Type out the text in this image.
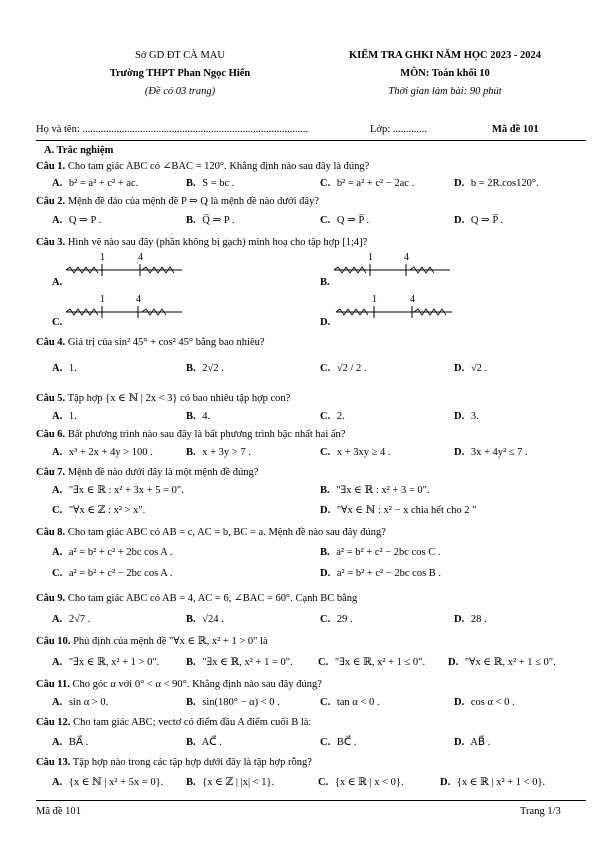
Sở GD ĐT CÀ MAU
Trường THPT Phan Ngọc Hiển
(Đề có 03 trang)
KIỂM TRA GHKI NĂM HỌC 2023 - 2024
MÔN: Toán khối 10
Thời gian làm bài: 90 phút
Họ và tên: ......................................................................................	Lớp: .............	Mã đề 101
A. Trắc nghiệm
Câu 1. Cho tam giác ABC có ∠BAC = 120°. Khẳng định nào sau đây là đúng?
A. b² = a² + c² + ac.	B. S = bc .	C. b² = a² + c² − 2ac .	D. b = 2R.cos120°.
Câu 2. Mệnh đề đảo của mệnh đề P ⇒ Q là mệnh đề nào dưới đây?
A. Q ⇒ P .	B. Q̅ ⇒ P .	C. Q ⇒ P̅ .	D. Q ⇒ P̅ .
Câu 3. Hình vẽ nào sau đây (phần không bị gạch) minh hoạ cho tập hợp [1;4]?
A.	B.
C.	D.
1	4	1	4
1	4	1	4
Câu 4. Giá trị của sin² 45° + cos² 45° bằng bao nhiêu?
A. 1.	B. 2√2 .	C. √2 / 2 .	D. √2 .
Câu 5. Tập hợp {x ∈ ℕ | 2x < 3} có bao nhiêu tập hợp con?
A. 1.	B. 4.	C. 2.	D. 3.
Câu 6. Bất phương trình nào sau đây là bất phương trình bậc nhất hai ẩn?
A. x³ + 2x + 4y > 100 .	B. x + 3y > 7 .	C. x + 3xy ≥ 4 .	D. 3x + 4y² ≤ 7 .
Câu 7. Mệnh đề nào dưới đây là một mệnh đề đúng?
A. "∃x ∈ ℝ : x² + 3x + 5 = 0".	B. "∃x ∈ ℝ : x² + 3 = 0".
C. "∀x ∈ ℤ : x² > x".	D. "∀x ∈ ℕ : x² − x chia hết cho 2 "
Câu 8. Cho tam giác ABC có AB = c, AC = b, BC = a. Mệnh đề nào sau đây đúng?
A. a² = b² + c² + 2bc cos A .	B. a² = b² + c² − 2bc cos C .
C. a² = b² + c² − 2bc cos A .	D. a² = b² + c² − 2bc cos B .
Câu 9. Cho tam giác ABC có AB = 4, AC = 6, ∠BAC = 60°. Cạnh BC bằng
A. 2√7 .	B. √24 .	C. 29 .	D. 28 .
Câu 10. Phủ định của mệnh đề "∀x ∈ ℝ, x² + 1 > 0" là
A. "∃x ∈ ℝ, x² + 1 > 0".	B. "∃x ∈ ℝ, x² + 1 = 0". C. "∃x ∈ ℝ, x² + 1 ≤ 0". D. "∀x ∈ ℝ, x² + 1 ≤ 0".
Câu 11. Cho góc α với 0° < α < 90°. Khẳng định nào sau đây đúng?
A. sin α > 0.	B. sin(180° − α) < 0 .	C. tan α < 0 .	D. cos α < 0 .
Câu 12. Cho tam giác ABC; vectơ có điểm đầu A điểm cuối B là:
A. BA⃗ .	B. AC⃗ .	C. BC⃗ .	D. AB⃗ .
Câu 13. Tập hợp nào trong các tập hợp dưới đây là tập hợp rỗng?
A. {x ∈ ℕ | x² + 5x = 0}. B. {x ∈ ℤ | |x| < 1}.	C. {x ∈ ℝ | x < 0}.	D. {x ∈ ℝ | x² + 1 < 0}.
Mã đề 101	Trang 1/3
